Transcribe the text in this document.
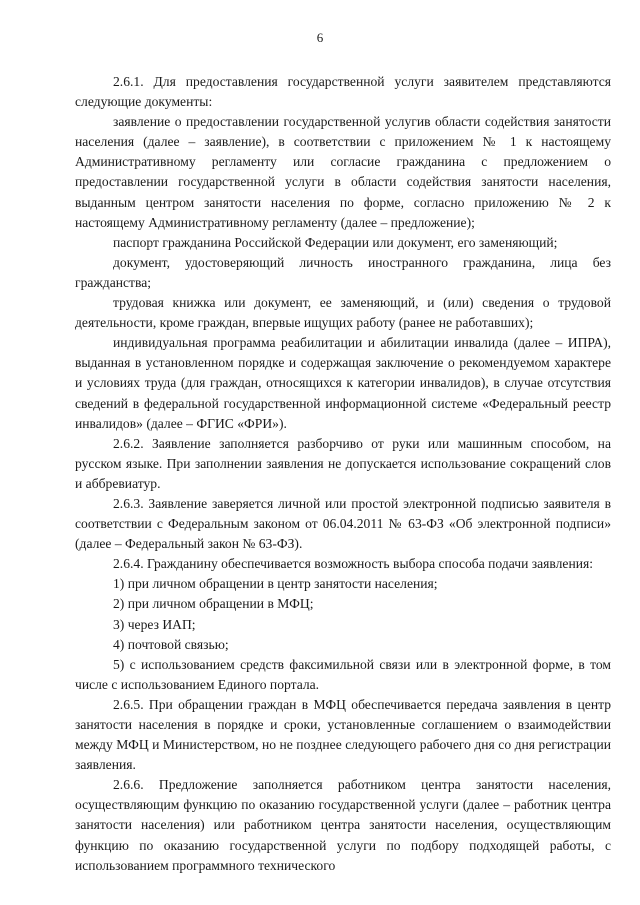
6

2.6.1. Для предоставления государственной услуги заявителем представляются следующие документы:

заявление о предоставлении государственной услугив области содействия занятости населения (далее – заявление), в соответствии с приложением № 1 к настоящему Административному регламенту или согласие гражданина с предложением о предоставлении государственной услуги в области содействия занятости населения, выданным центром занятости населения по форме, согласно приложению № 2 к настоящему Административному регламенту (далее – предложение);

паспорт гражданина Российской Федерации или документ, его заменяющий;

документ, удостоверяющий личность иностранного гражданина, лица без гражданства;

трудовая книжка или документ, ее заменяющий, и (или) сведения о трудовой деятельности, кроме граждан, впервые ищущих работу (ранее не работавших);

индивидуальная программа реабилитации и абилитации инвалида (далее – ИПРА), выданная в установленном порядке и содержащая заключение о рекомендуемом характере и условиях труда (для граждан, относящихся к категории инвалидов), в случае отсутствия сведений в федеральной государственной информационной системе «Федеральный реестр инвалидов» (далее – ФГИС «ФРИ»).

2.6.2. Заявление заполняется разборчиво от руки или машинным способом, на русском языке. При заполнении заявления не допускается использование сокращений слов и аббревиатур.

2.6.3. Заявление заверяется личной или простой электронной подписью заявителя в соответствии с Федеральным законом от 06.04.2011 № 63-ФЗ «Об электронной подписи» (далее – Федеральный закон № 63-ФЗ).

2.6.4. Гражданину обеспечивается возможность выбора способа подачи заявления:

1) при личном обращении в центр занятости населения;

2) при личном обращении в МФЦ;

3) через ИАП;

4) почтовой связью;

5) с использованием средств факсимильной связи или в электронной форме, в том числе с использованием Единого портала.

2.6.5. При обращении граждан в МФЦ обеспечивается передача заявления в центр занятости населения в порядке и сроки, установленные соглашением о взаимодействии между МФЦ и Министерством, но не позднее следующего рабочего дня со дня регистрации заявления.

2.6.6. Предложение заполняется работником центра занятости населения, осуществляющим функцию по оказанию государственной услуги (далее – работник центра занятости населения) или работником центра занятости населения, осуществляющим функцию по оказанию государственной услуги по подбору подходящей работы, с использованием программного технического
